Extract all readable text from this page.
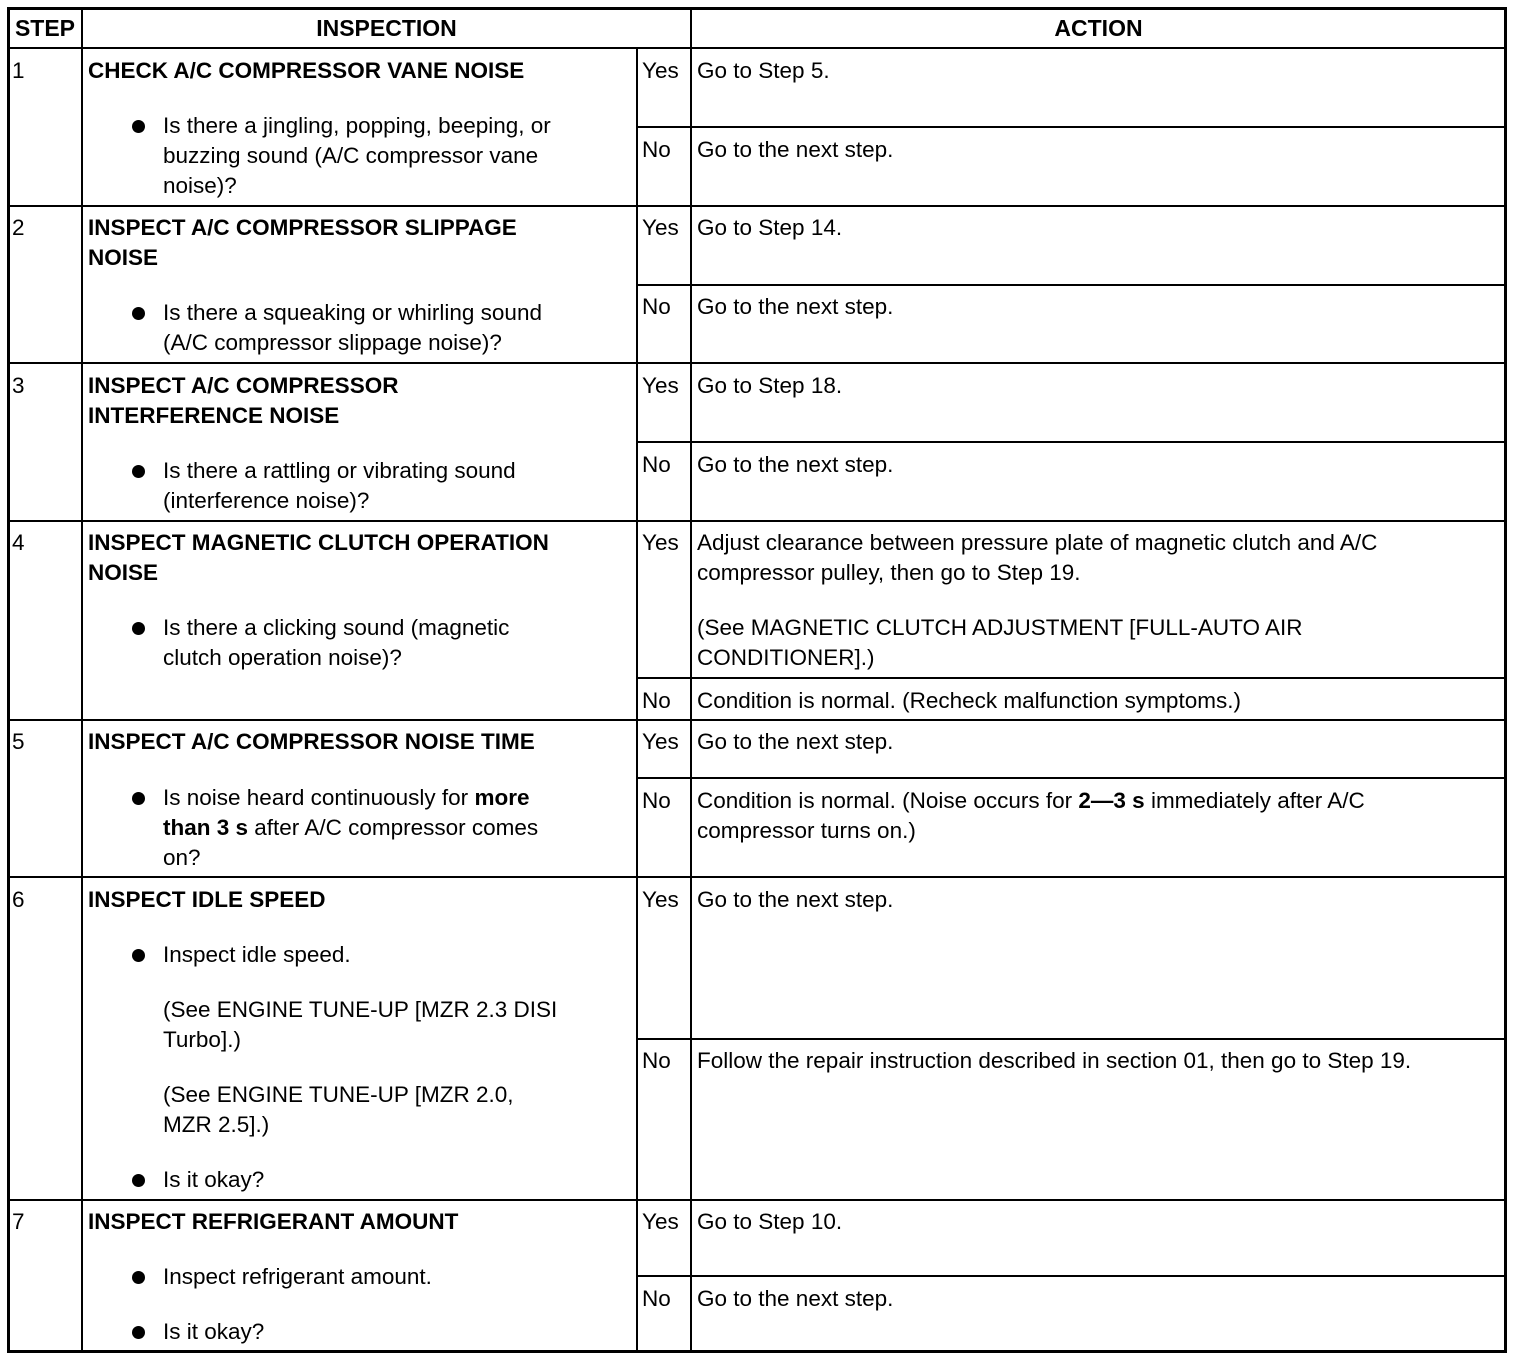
STEP	INSPECTION	ACTION
1	CHECK A/C COMPRESSOR VANE NOISE
Is there a jingling, popping, beeping, or
buzzing sound (A/C compressor vane
noise)?
Yes Go to Step 5.
No Go to the next step.
2	INSPECT A/C COMPRESSOR SLIPPAGE
NOISE
Is there a squeaking or whirling sound
(A/C compressor slippage noise)?
Yes Go to Step 14.
No Go to the next step.
3	INSPECT A/C COMPRESSOR
INTERFERENCE NOISE
Is there a rattling or vibrating sound
(interference noise)?
Yes Go to Step 18.
No Go to the next step.
4	INSPECT MAGNETIC CLUTCH OPERATION
NOISE
Is there a clicking sound (magnetic
clutch operation noise)?
Yes Adjust clearance between pressure plate of magnetic clutch and A/C
compressor pulley, then go to Step 19.
(See MAGNETIC CLUTCH ADJUSTMENT [FULL-AUTO AIR
CONDITIONER].)
No Condition is normal. (Recheck malfunction symptoms.)
5	INSPECT A/C COMPRESSOR NOISE TIME
Is noise heard continuously for more
than 3 s after A/C compressor comes
on?
Yes Go to the next step.
No Condition is normal. (Noise occurs for 2—3 s immediately after A/C
compressor turns on.)
6	INSPECT IDLE SPEED
Inspect idle speed.
(See ENGINE TUNE-UP [MZR 2.3 DISI
Turbo].)
(See ENGINE TUNE-UP [MZR 2.0,
MZR 2.5].)
Is it okay?
Yes Go to the next step.
No Follow the repair instruction described in section 01, then go to Step 19.
7	INSPECT REFRIGERANT AMOUNT
Inspect refrigerant amount.
Is it okay?
Yes Go to Step 10.
No Go to the next step.
